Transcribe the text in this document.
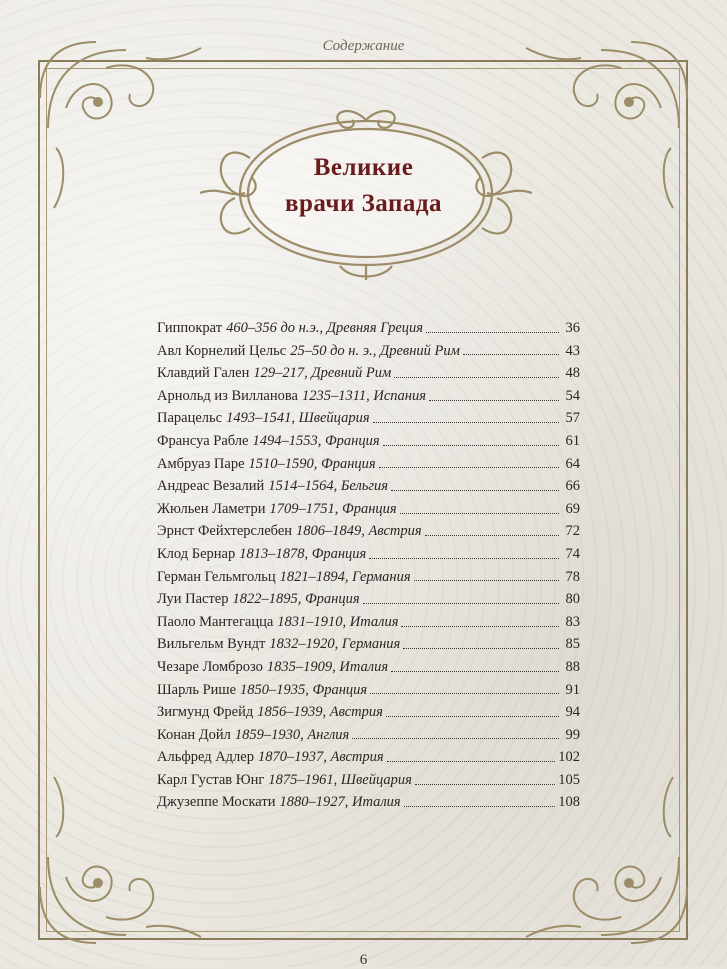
Содержание
Великие
врачи Запада
Гиппократ 460–356 до н.э., Древняя Греция	36
Авл Корнелий Цельс 25–50 до н. э., Древний Рим	43
Клавдий Гален 129–217, Древний Рим	48
Арнольд из Вилланова 1235–1311, Испания	54
Парацельс 1493–1541, Швейцария	57
Франсуа Рабле 1494–1553, Франция	61
Амбруаз Паре 1510–1590, Франция	64
Андреас Везалий 1514–1564, Бельгия	66
Жюльен Ламетри 1709–1751, Франция	69
Эрнст Фейхтерслебен 1806–1849, Австрия	72
Клод Бернар 1813–1878, Франция	74
Герман Гельмгольц 1821–1894, Германия	78
Луи Пастер 1822–1895, Франция	80
Паоло Мантегацца 1831–1910, Италия	83
Вильгельм Вундт 1832–1920, Германия	85
Чезаре Ломброзо 1835–1909, Италия	88
Шарль Рише 1850–1935, Франция	91
Зигмунд Фрейд 1856–1939, Австрия	94
Конан Дойл 1859–1930, Англия	99
Альфред Адлер 1870–1937, Австрия	102
Карл Густав Юнг 1875–1961, Швейцария	105
Джузеппе Москати 1880–1927, Италия	108
6
